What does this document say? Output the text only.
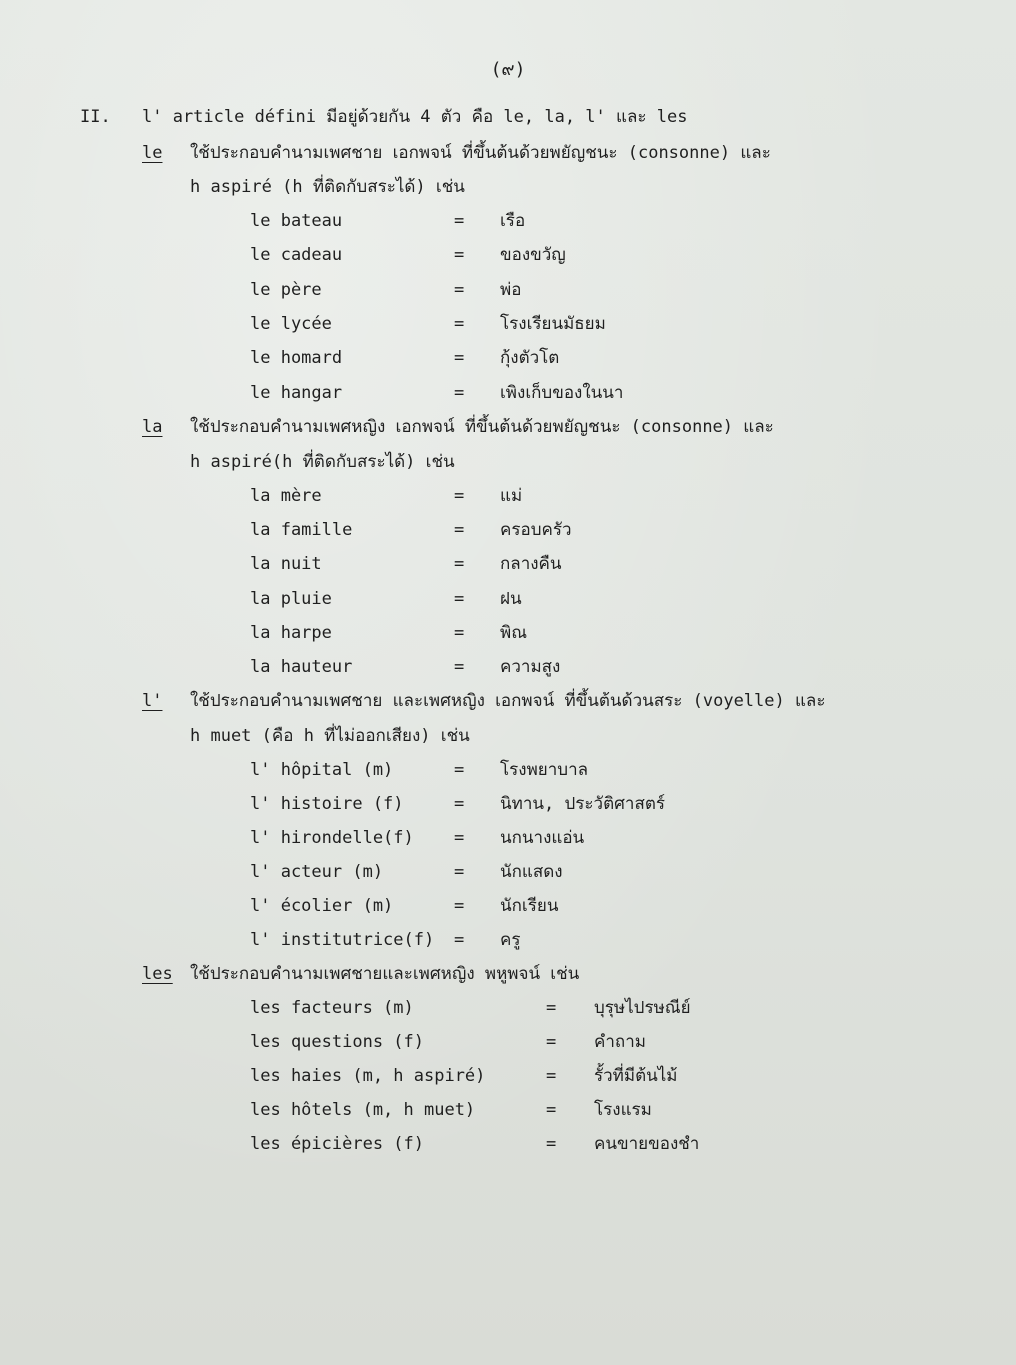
(๙)
II. l' article défini มีอยู่ด้วยกัน 4 ตัว คือ le, la, l' และ les
le ใช้ประกอบคำนามเพศชาย เอกพจน์ ที่ขึ้นต้นด้วยพยัญชนะ (consonne) และ
h aspiré (h ที่ติดกับสระได้) เช่น
le bateau	= เรือ
le cadeau	= ของขวัญ
le père	= พ่อ
le lycée	= โรงเรียนมัธยม
le homard	= กุ้งตัวโต
le hangar	= เพิงเก็บของในนา
la ใช้ประกอบคำนามเพศหญิง เอกพจน์ ที่ขึ้นต้นด้วยพยัญชนะ (consonne) และ
h aspiré(h ที่ติดกับสระได้) เช่น
la mère	= แม่
la famille	= ครอบครัว
la nuit	= กลางคืน
la pluie	= ฝน
la harpe	= พิณ
la hauteur	= ความสูง
l' ใช้ประกอบคำนามเพศชาย และเพศหญิง เอกพจน์ ที่ขึ้นต้นด้วนสระ (voyelle) และ
h muet (คือ h ที่ไม่ออกเสียง) เช่น
l' hôpital (m)	= โรงพยาบาล
l' histoire (f)	= นิทาน, ประวัติศาสตร์
l' hirondelle(f) = นกนางแอ่น
l' acteur (m)	= นักแสดง
l' écolier (m)	= นักเรียน
l' institutrice(f) = ครู
les ใช้ประกอบคำนามเพศชายและเพศหญิง พหูพจน์ เช่น
les facteurs (m)	= บุรุษไปรษณีย์
les questions (f)	= คำถาม
les haies (m, h aspiré)	= รั้วที่มีต้นไม้
les hôtels (m, h muet)	= โรงแรม
les épicières (f)	= คนขายของชำ
